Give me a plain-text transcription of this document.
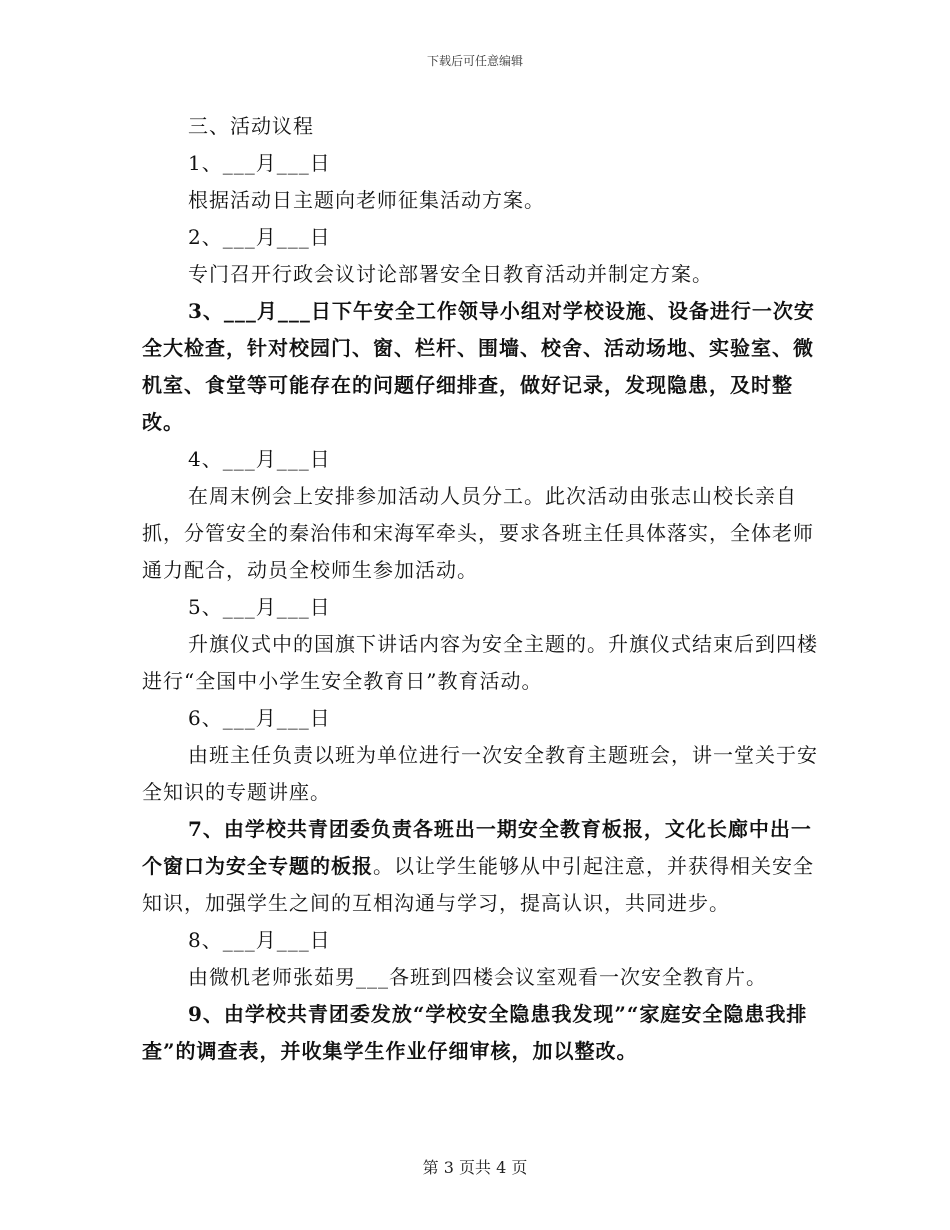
下载后可任意编辑

三、活动议程

1、___月___日

根据活动日主题向老师征集活动方案。

2、___月___日

专门召开行政会议讨论部署安全日教育活动并制定方案。

3、___月___日下午安全工作领导小组对学校设施、设备进行一次安全大检查，针对校园门、窗、栏杆、围墙、校舍、活动场地、实验室、微机室、食堂等可能存在的问题仔细排查，做好记录，发现隐患，及时整改。

4、___月___日

在周末例会上安排参加活动人员分工。此次活动由张志山校长亲自抓，分管安全的秦治伟和宋海军牵头，要求各班主任具体落实，全体老师通力配合，动员全校师生参加活动。

5、___月___日

升旗仪式中的国旗下讲话内容为安全主题的。升旗仪式结束后到四楼进行“全国中小学生安全教育日”教育活动。

6、___月___日

由班主任负责以班为单位进行一次安全教育主题班会，讲一堂关于安全知识的专题讲座。

7、由学校共青团委负责各班出一期安全教育板报，文化长廊中出一个窗口为安全专题的板报。以让学生能够从中引起注意，并获得相关安全知识，加强学生之间的互相沟通与学习，提高认识，共同进步。

8、___月___日

由微机老师张茹男___各班到四楼会议室观看一次安全教育片。

9、由学校共青团委发放“学校安全隐患我发现”“家庭安全隐患我排查”的调查表，并收集学生作业仔细审核，加以整改。

第 3 页共 4 页
